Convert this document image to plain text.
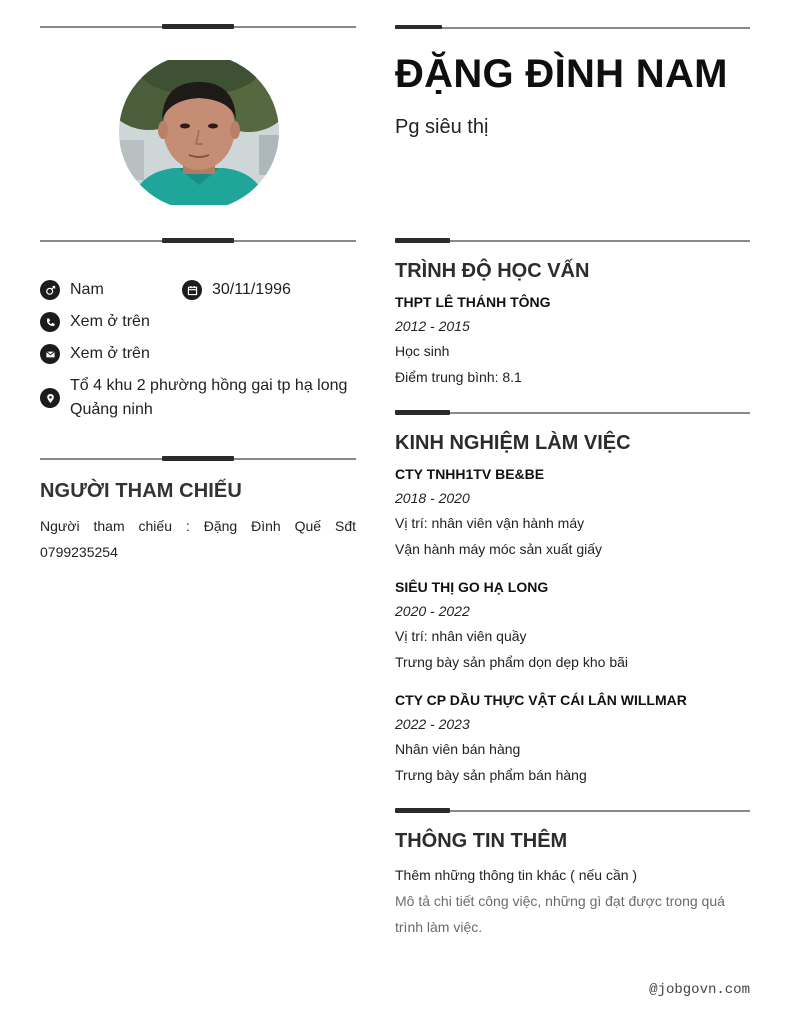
Nam	30/11/1996
Xem ở trên
Xem ở trên
Tổ 4 khu 2 phường hồng gai tp hạ long Quảng ninh
NGƯỜI THAM CHIẾU
Người tham chiếu : Đặng Đình Quế Sđt 0799235254
ĐẶNG ĐÌNH NAM
Pg siêu thị
TRÌNH ĐỘ HỌC VẤN
THPT LÊ THÁNH TÔNG
2012 - 2015
Học sinh
Điểm trung bình: 8.1
KINH NGHIỆM LÀM VIỆC
CTY TNHH1TV BE&BE
2018 - 2020
Vị trí: nhân viên vận hành máy
Vận hành máy móc sản xuất giấy
SIÊU THỊ GO HẠ LONG
2020 - 2022
Vị trí: nhân viên quầy
Trưng bày sản phẩm dọn dẹp kho bãi
CTY CP DẦU THỰC VẬT CÁI LÂN WILLMAR
2022 - 2023
Nhân viên bán hàng
Trưng bày sản phẩm bán hàng
THÔNG TIN THÊM
Thêm những thông tin khác ( nếu cần )
Mô tả chi tiết công việc, những gì đạt được trong quá trình làm việc.
@jobgovn.com
